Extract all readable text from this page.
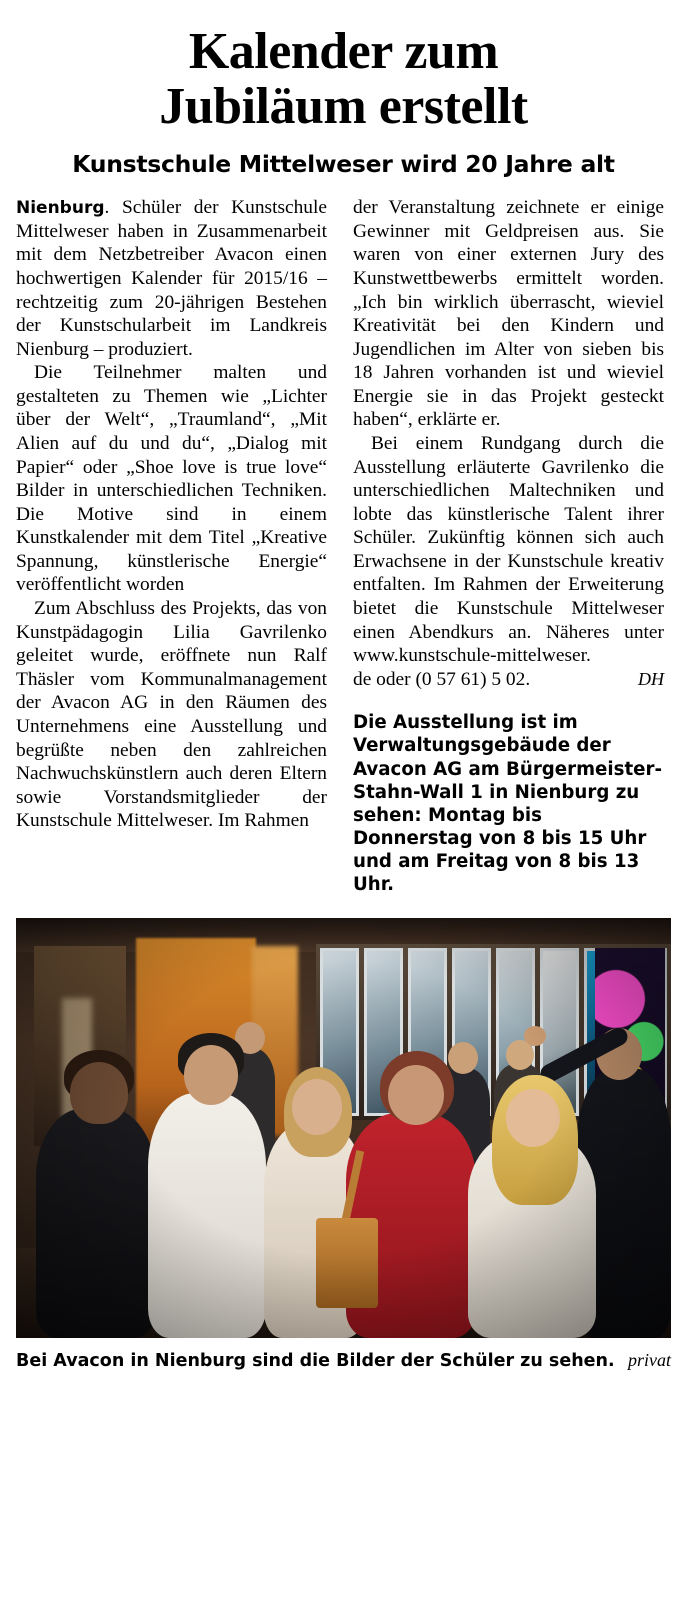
Kalender zum
Jubiläum erstellt
Kunstschule Mittelweser wird 20 Jahre alt

Nienburg. Schüler der Kunstschule Mittelweser haben in Zusammenarbeit mit dem Netzbetreiber Avacon einen hochwertigen Kalender für 2015/16 – rechtzeitig zum 20-jährigen Bestehen der Kunstschularbeit im Landkreis Nienburg – produziert.

Die Teilnehmer malten und gestalteten zu Themen wie „Lichter über der Welt“, „Traumland“, „Mit Alien auf du und du“, „Dialog mit Papier“ oder „Shoe love is true love“ Bilder in unterschiedlichen Techniken. Die Motive sind in einem Kunstkalender mit dem Titel „Kreative Spannung, künstlerische Energie“ veröffentlicht worden

Zum Abschluss des Projekts, das von Kunstpädagogin Lilia Gavrilenko geleitet wurde, eröffnete nun Ralf Thäsler vom Kommunalmanagement der Avacon AG in den Räumen des Unternehmens eine Ausstellung und begrüßte neben den zahlreichen Nachwuchskünstlern auch deren Eltern sowie Vorstandsmitglieder der Kunstschule Mittelweser. Im Rahmen

der Veranstaltung zeichnete er einige Gewinner mit Geldpreisen aus. Sie waren von einer externen Jury des Kunstwettbewerbs ermittelt worden. „Ich bin wirklich überrascht, wieviel Kreativität bei den Kindern und Jugendlichen im Alter von sieben bis 18 Jahren vorhanden ist und wieviel Energie sie in das Projekt gesteckt haben“, erklärte er.

Bei einem Rundgang durch die Ausstellung erläuterte Gavrilenko die unterschiedlichen Maltechniken und lobte das künstlerische Talent ihrer Schüler. Zukünftig können sich auch Erwachsene in der Kunstschule kreativ entfalten. Im Rahmen der Erweiterung bietet die Kunstschule Mittelweser einen Abendkurs an. Näheres unter www.kunstschule-mittelweser.

de oder (0 57 61) 5 02.	DH
Die Ausstellung ist im Verwaltungsgebäude der Avacon AG am Bürgermeister-Stahn-Wall 1 in Nienburg zu sehen: Montag bis Donnerstag von 8 bis 15 Uhr und am Freitag von 8 bis 13 Uhr.
Bei Avacon in Nienburg sind die Bilder der Schüler zu sehen. privat
